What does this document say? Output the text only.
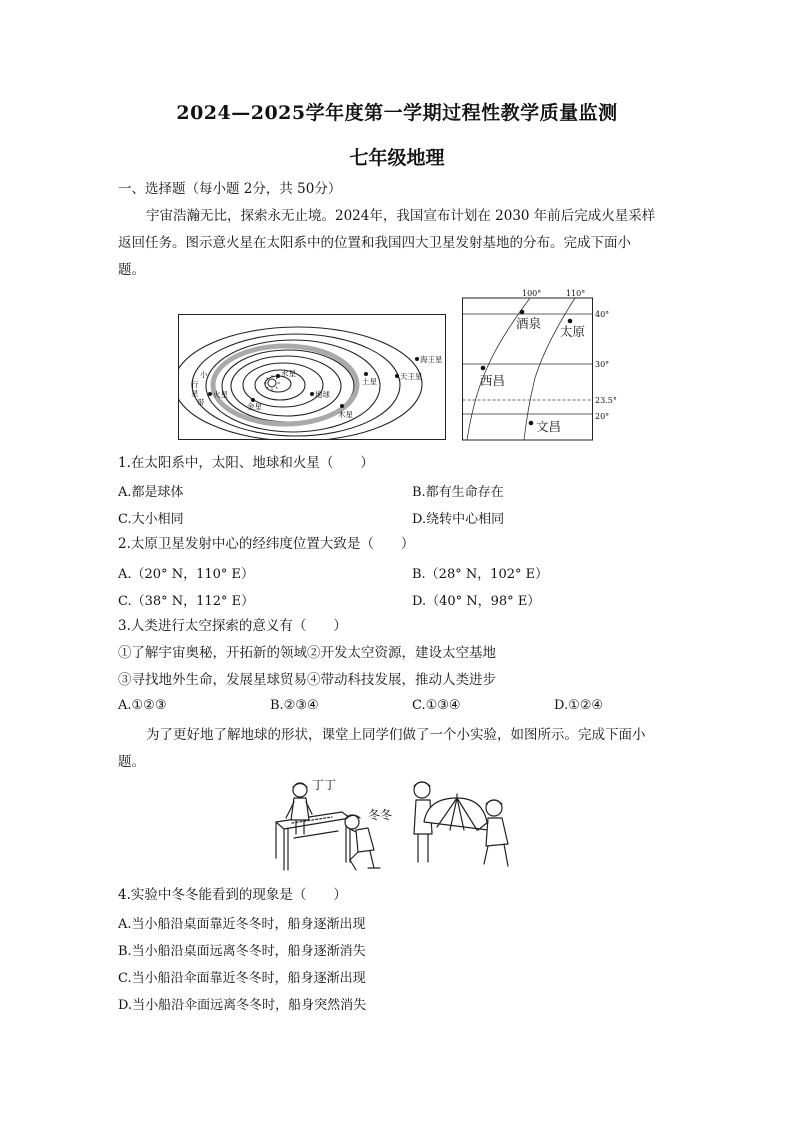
2024—2025学年度第一学期过程性教学质量监测
七年级地理
一、选择题（每小题 2分，共 50分）
宇宙浩瀚无比，探索永无止境。2024年，我国宣布计划在 2030 年前后完成火星采样
返回任务。图示意火星在太阳系中的位置和我国四大卫星发射基地的分布。完成下面小
题。
水星
金星
地球
火星
木星
土星
天王星
海王星
小
行
星
带
100°	110°
40°
30°
23.5°
20°
酒泉
太原
西昌
文昌
1.在太阳系中，太阳、地球和火星（　　）
A.都是球体	B.都有生命存在
C.大小相同	D.绕转中心相同
2.太原卫星发射中心的经纬度位置大致是（　　）
A.（20° N，110° E）	B.（28° N，102° E）
C.（38° N，112° E）	D.（40° N，98° E）
3.人类进行太空探索的意义有（　　）
①了解宇宙奥秘，开拓新的领域②开发太空资源，建设太空基地
③寻找地外生命，发展星球贸易④带动科技发展，推动人类进步
A.①②③	B.②③④	C.①③④	D.①②④
为了更好地了解地球的形状，课堂上同学们做了一个小实验，如图所示。完成下面小
题。
丁丁
冬冬
4.实验中冬冬能看到的现象是（　　）
A.当小船沿桌面靠近冬冬时，船身逐渐出现
B.当小船沿桌面远离冬冬时，船身逐渐消失
C.当小船沿伞面靠近冬冬时，船身逐渐出现
D.当小船沿伞面远离冬冬时，船身突然消失
